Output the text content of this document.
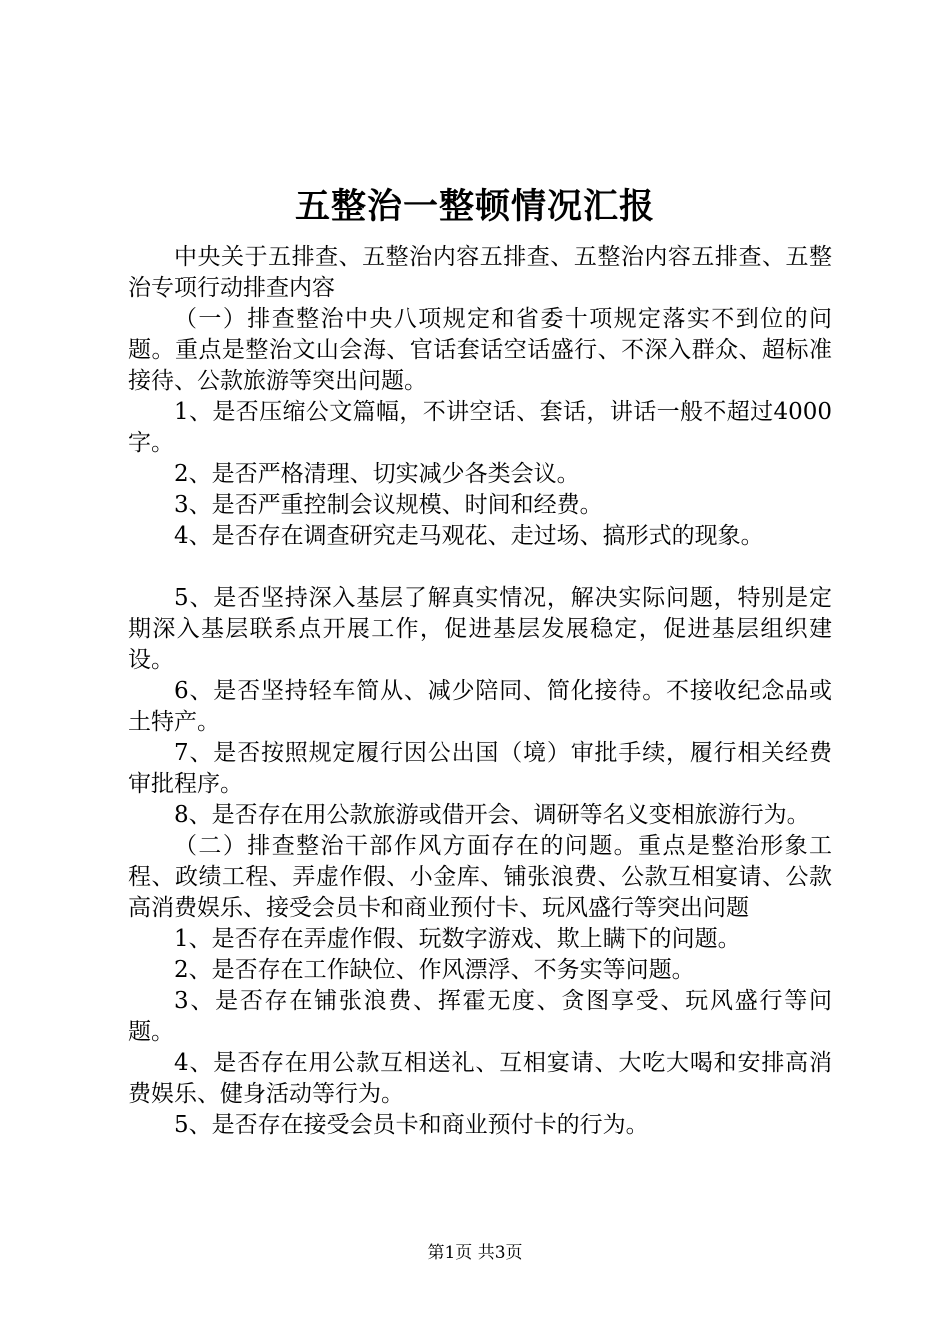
五整治一整顿情况汇报

中央关于五排查、五整治内容五排查、五整治内容五排查、五整治专项行动排查内容

（一）排查整治中央八项规定和省委十项规定落实不到位的问题。重点是整治文山会海、官话套话空话盛行、不深入群众、超标准接待、公款旅游等突出问题。

1、是否压缩公文篇幅，不讲空话、套话，讲话一般不超过4000字。

2、是否严格清理、切实减少各类会议。

3、是否严重控制会议规模、时间和经费。

4、是否存在调查研究走马观花、走过场、搞形式的现象。

5、是否坚持深入基层了解真实情况，解决实际问题，特别是定期深入基层联系点开展工作，促进基层发展稳定，促进基层组织建设。

6、是否坚持轻车简从、减少陪同、简化接待。不接收纪念品或土特产。

7、是否按照规定履行因公出国（境）审批手续，履行相关经费审批程序。

8、是否存在用公款旅游或借开会、调研等名义变相旅游行为。

（二）排查整治干部作风方面存在的问题。重点是整治形象工程、政绩工程、弄虚作假、小金库、铺张浪费、公款互相宴请、公款高消费娱乐、接受会员卡和商业预付卡、玩风盛行等突出问题

1、是否存在弄虚作假、玩数字游戏、欺上瞒下的问题。

2、是否存在工作缺位、作风漂浮、不务实等问题。

3、是否存在铺张浪费、挥霍无度、贪图享受、玩风盛行等问题。

4、是否存在用公款互相送礼、互相宴请、大吃大喝和安排高消费娱乐、健身活动等行为。

5、是否存在接受会员卡和商业预付卡的行为。

第1页 共3页
